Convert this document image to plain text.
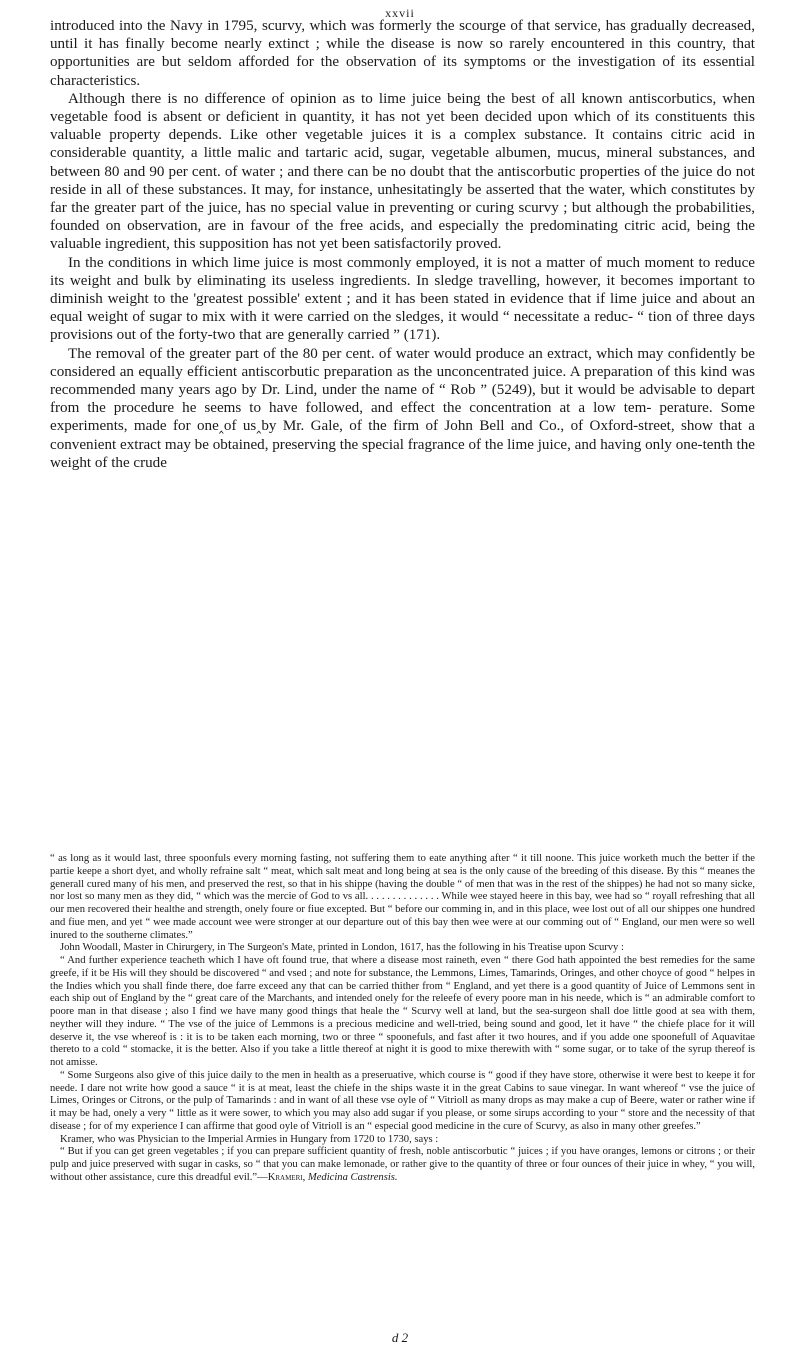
xxvii

introduced into the Navy in 1795, scurvy, which was formerly the scourge of that service, has gradually decreased, until it has finally become nearly extinct ; while the disease is now so rarely encountered in this country, that opportunities are but seldom afforded for the observation of its symptoms or the investigation of its essential characteristics.

Although there is no difference of opinion as to lime juice being the best of all known antiscorbutics, when vegetable food is absent or deficient in quantity, it has not yet been decided upon which of its constituents this valuable property depends. Like other vegetable juices it is a complex substance. It contains citric acid in considerable quantity, a little malic and tartaric acid, sugar, vegetable albumen, mucus, mineral substances, and between 80 and 90 per cent. of water ; and there can be no doubt that the antiscorbutic properties of the juice do not reside in all of these substances. It may, for instance, unhesitatingly be asserted that the water, which constitutes by far the greater part of the juice, has no special value in preventing or curing scurvy ; but although the probabilities, founded on observation, are in favour of the free acids, and especially the predominating citric acid, being the valuable ingredient, this supposition has not yet been satisfactorily proved.

In the conditions in which lime juice is most commonly employed, it is not a matter of much moment to reduce its weight and bulk by eliminating its useless ingredients. In sledge travelling, however, it becomes important to diminish weight to the 'greatest possible' extent ; and it has been stated in evidence that if lime juice and about an equal weight of sugar to mix with it were carried on the sledges, it would “ necessitate a reduc- “ tion of three days provisions out of the forty-two that are generally carried ” (171).

The removal of the greater part of the 80 per cent. of water would produce an extract, which may confidently be considered an equally efficient antiscorbutic preparation as the unconcentrated juice. A preparation of this kind was recommended many years ago by Dr. Lind, under the name of “ Rob ” (5249), but it would be advisable to depart from the procedure he seems to have followed, and effect the concentration at a low tem- perature. Some experiments, made for one‸of us‸by Mr. Gale, of the firm of John Bell and Co., of Oxford-street, show that a convenient extract may be obtained, preserving the special fragrance of the lime juice, and having only one-tenth the weight of the crude

“ as long as it would last, three spoonfuls every morning fasting, not suffering them to eate anything after “ it till noone. This juice worketh much the better if the partie keepe a short dyet, and wholly refraine salt “ meat, which salt meat and long being at sea is the only cause of the breeding of this disease. By this “ meanes the generall cured many of his men, and preserved the rest, so that in his shippe (having the double “ of men that was in the rest of the shippes) he had not so many sicke, nor lost so many men as they did, “ which was the mercie of God to vs all. . . . . . . . . . . . . . While wee stayed heere in this bay, wee had so “ royall refreshing that all our men recovered their healthe and strength, onely foure or fiue excepted. But “ before our comming in, and in this place, wee lost out of all our shippes one hundred and fiue men, and yet “ wee made account wee were stronger at our departure out of this bay then wee were at our comming out of “ England, our men were so well inured to the southerne climates.”

John Woodall, Master in Chirurgery, in The Surgeon's Mate, printed in London, 1617, has the following in his Treatise upon Scurvy :

“ And further experience teacheth which I have oft found true, that where a disease most raineth, even “ there God hath appointed the best remedies for the same greefe, if it be His will they should be discovered “ and vsed ; and note for substance, the Lemmons, Limes, Tamarinds, Oringes, and other choyce of good “ helpes in the Indies which you shall finde there, doe farre exceed any that can be carried thither from “ England, and yet there is a good quantity of Juice of Lemmons sent in each ship out of England by the “ great care of the Marchants, and intended onely for the releefe of every poore man in his neede, which is “ an admirable comfort to poore man in that disease ; also I find we have many good things that heale the “ Scurvy well at land, but the sea-surgeon shall doe little good at sea with them, neyther will they indure. “ The vse of the juice of Lemmons is a precious medicine and well-tried, being sound and good, let it have “ the chiefe place for it will deserve it, the vse whereof is : it is to be taken each morning, two or three “ spoonefuls, and fast after it two houres, and if you adde one spoonefull of Aquavitae thereto to a cold “ stomacke, it is the better. Also if you take a little thereof at night it is good to mixe therewith with “ some sugar, or to take of the syrup thereof is not amisse.

“ Some Surgeons also give of this juice daily to the men in health as a preseruative, which course is “ good if they have store, otherwise it were best to keepe it for neede. I dare not write how good a sauce “ it is at meat, least the chiefe in the ships waste it in the great Cabins to saue vinegar. In want whereof “ vse the juice of Limes, Oringes or Citrons, or the pulp of Tamarinds : and in want of all these vse oyle of “ Vitrioll as many drops as may make a cup of Beere, water or rather wine if it may be had, onely a very “ little as it were sower, to which you may also add sugar if you please, or some sirups according to your “ store and the necessity of that disease ; for of my experience I can affirme that good oyle of Vitrioll is an “ especial good medicine in the cure of Scurvy, as also in many other greefes.”

Kramer, who was Physician to the Imperial Armies in Hungary from 1720 to 1730, says :

“ But if you can get green vegetables ; if you can prepare sufficient quantity of fresh, noble antiscorbutic “ juices ; if you have oranges, lemons or citrons ; or their pulp and juice preserved with sugar in casks, so “ that you can make lemonade, or rather give to the quantity of three or four ounces of their juice in whey, “ you will, without other assistance, cure this dreadful evil.”—Krameri, Medicina Castrensis.

d 2
